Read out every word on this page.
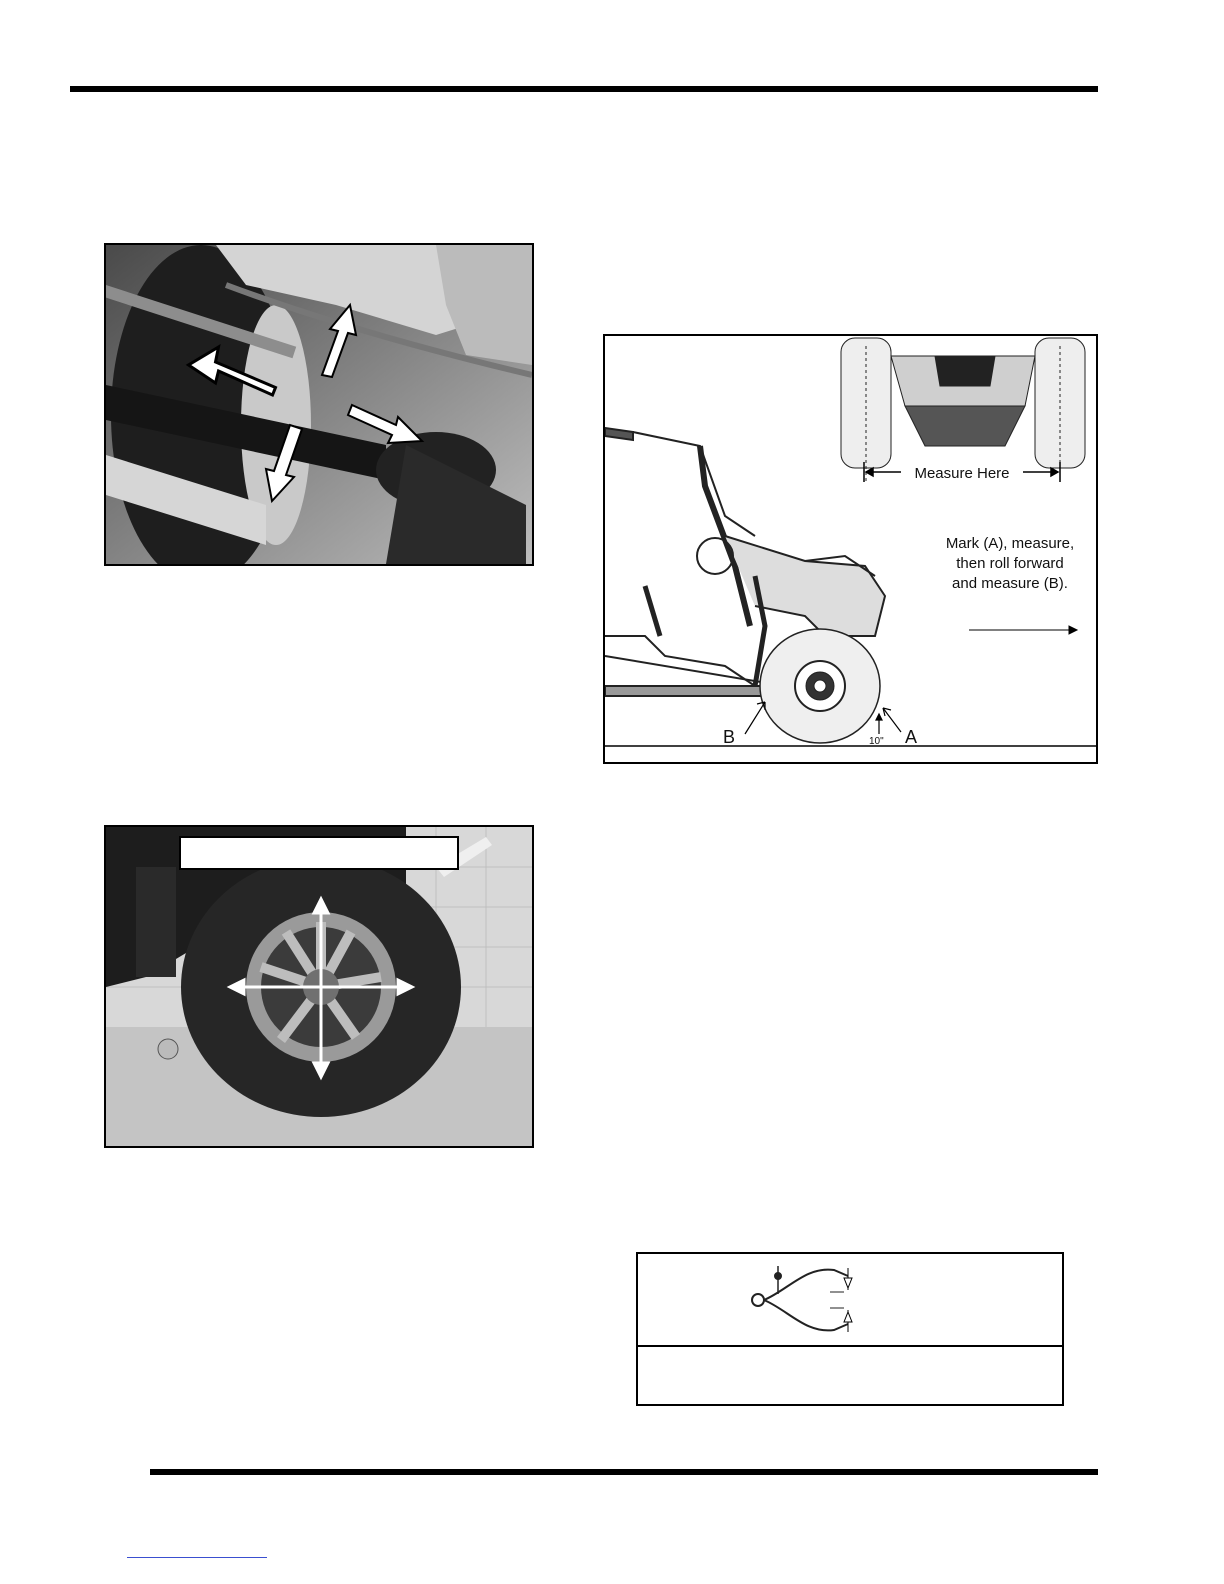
Measure Here
Mark (A), measure,
then roll forward
and measure (B).
B	A
10"
